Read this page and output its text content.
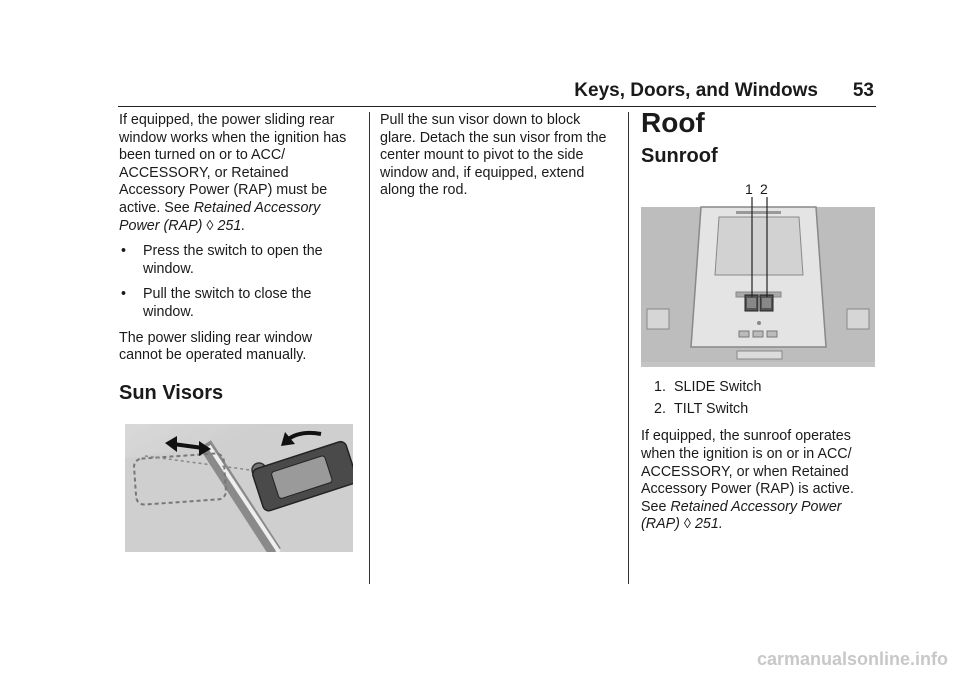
Keys, Doors, and Windows 53

If equipped, the power sliding rear window works when the ignition has been turned on or to ACC/ ACCESSORY, or Retained Accessory Power (RAP) must be active. See Retained Accessory Power (RAP) ◊ 251.

• Press the switch to open the window.
• Pull the switch to close the window.

The power sliding rear window cannot be operated manually.

Sun Visors

Pull the sun visor down to block glare. Detach the sun visor from the center mount to pivot to the side window and, if equipped, extend along the rod.

Roof
Sunroof
1 2
1. SLIDE Switch
2. TILT Switch

If equipped, the sunroof operates when the ignition is on or in ACC/ ACCESSORY, or when Retained Accessory Power (RAP) is active. See Retained Accessory Power (RAP) ◊ 251.

carmanualsonline.info
